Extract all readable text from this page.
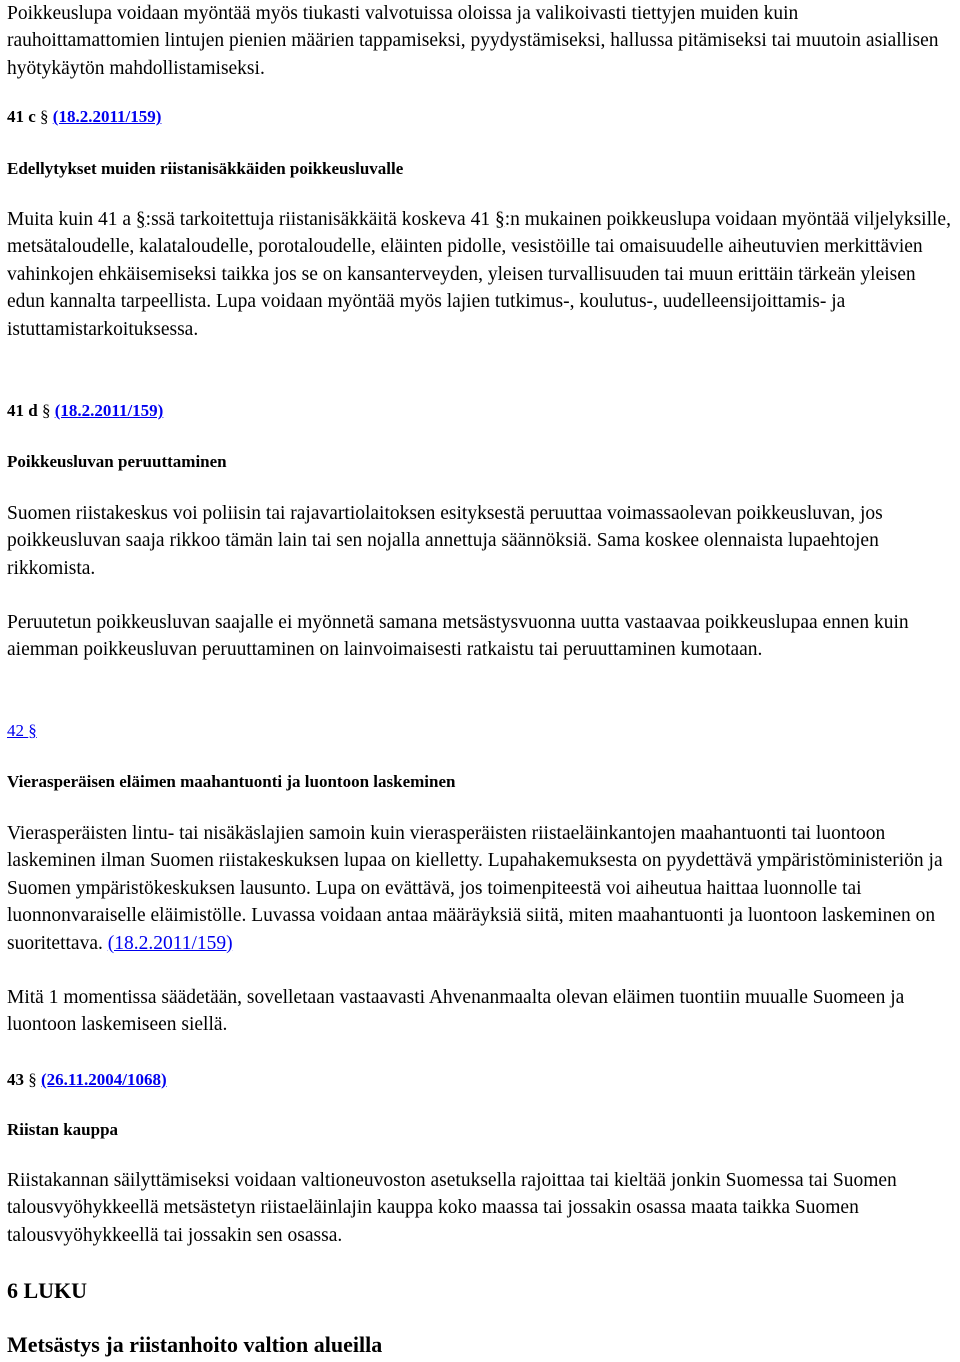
Poikkeuslupa voidaan myöntää myös tiukasti valvotuissa oloissa ja valikoivasti tiettyjen muiden kuin rauhoittamattomien lintujen pienien määrien tappamiseksi, pyydystämiseksi, hallussa pitämiseksi tai muutoin asiallisen hyötykäytön mahdollistamiseksi.

41 c § (18.2.2011/159)

Edellytykset muiden riistanisäkkäiden poikkeusluvalle

Muita kuin 41 a §:ssä tarkoitettuja riistanisäkkäitä koskeva 41 §:n mukainen poikkeuslupa voidaan myöntää viljelyksille, metsätaloudelle, kalataloudelle, porotaloudelle, eläinten pidolle, vesistöille tai omaisuudelle aiheutuvien merkittävien vahinkojen ehkäisemiseksi taikka jos se on kansanterveyden, yleisen turvallisuuden tai muun erittäin tärkeän yleisen edun kannalta tarpeellista. Lupa voidaan myöntää myös lajien tutkimus-, koulutus-, uudelleensijoittamis- ja istuttamistarkoituksessa.

41 d § (18.2.2011/159)

Poikkeusluvan peruuttaminen

Suomen riistakeskus voi poliisin tai rajavartiolaitoksen esityksestä peruuttaa voimassaolevan poikkeusluvan, jos poikkeusluvan saaja rikkoo tämän lain tai sen nojalla annettuja säännöksiä. Sama koskee olennaista lupaehtojen rikkomista.

Peruutetun poikkeusluvan saajalle ei myönnetä samana metsästysvuonna uutta vastaavaa poikkeuslupaa ennen kuin aiemman poikkeusluvan peruuttaminen on lainvoimaisesti ratkaistu tai peruuttaminen kumotaan.

42 §

Vierasperäisen eläimen maahantuonti ja luontoon laskeminen

Vierasperäisten lintu- tai nisäkäslajien samoin kuin vierasperäisten riistaeläinkantojen maahantuonti tai luontoon laskeminen ilman Suomen riistakeskuksen lupaa on kielletty. Lupahakemuksesta on pyydettävä ympäristöministeriön ja Suomen ympäristökeskuksen lausunto. Lupa on evättävä, jos toimenpiteestä voi aiheutua haittaa luonnolle tai luonnonvaraiselle eläimistölle. Luvassa voidaan antaa määräyksiä siitä, miten maahantuonti ja luontoon laskeminen on suoritettava. (18.2.2011/159)

Mitä 1 momentissa säädetään, sovelletaan vastaavasti Ahvenanmaalta olevan eläimen tuontiin muualle Suomeen ja luontoon laskemiseen siellä.

43 § (26.11.2004/1068)

Riistan kauppa

Riistakannan säilyttämiseksi voidaan valtioneuvoston asetuksella rajoittaa tai kieltää jonkin Suomessa tai Suomen talousvyöhykkeellä metsästetyn riistaeläinlajin kauppa koko maassa tai jossakin osassa maata taikka Suomen talousvyöhykkeellä tai jossakin sen osassa.

6 LUKU

Metsästys ja riistanhoito valtion alueilla
